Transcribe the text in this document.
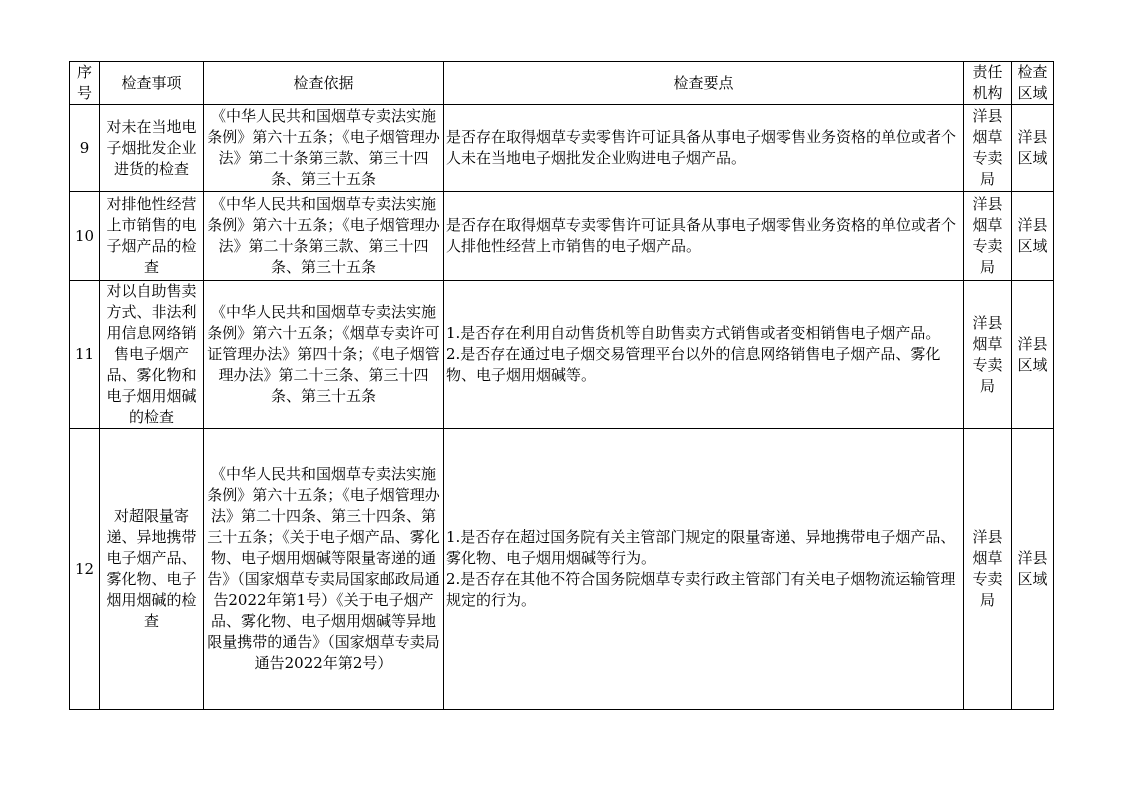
序号	检查事项	检查依据	检查要点	责任机构	检查区域
9	对未在当地电子烟批发企业进货的检查	《中华人民共和国烟草专卖法实施条例》第六十五条；《电子烟管理办法》第二十条第三款、第三十四条、第三十五条	是否存在取得烟草专卖零售许可证具备从事电子烟零售业务资格的单位或者个人未在当地电子烟批发企业购进电子烟产品。	洋县烟草专卖局	洋县区域
10	对排他性经营上市销售的电子烟产品的检查	《中华人民共和国烟草专卖法实施条例》第六十五条；《电子烟管理办法》第二十条第三款、第三十四条、第三十五条	是否存在取得烟草专卖零售许可证具备从事电子烟零售业务资格的单位或者个人排他性经营上市销售的电子烟产品。	洋县烟草专卖局	洋县区域
11	对以自助售卖方式、非法利用信息网络销售电子烟产品、雾化物和电子烟用烟碱的检查	《中华人民共和国烟草专卖法实施条例》第六十五条；《烟草专卖许可证管理办法》第四十条；《电子烟管理办法》第二十三条、第三十四条、第三十五条	1.是否存在利用自动售货机等自助售卖方式销售或者变相销售电子烟产品。
2.是否存在通过电子烟交易管理平台以外的信息网络销售电子烟产品、雾化物、电子烟用烟碱等。	洋县烟草专卖局	洋县区域
12	对超限量寄递、异地携带电子烟产品、雾化物、电子烟用烟碱的检查	《中华人民共和国烟草专卖法实施条例》第六十五条；《电子烟管理办法》第二十四条、第三十四条、第三十五条；《关于电子烟产品、雾化物、电子烟用烟碱等限量寄递的通告》（国家烟草专卖局国家邮政局通告2022年第1号）《关于电子烟产品、雾化物、电子烟用烟碱等异地限量携带的通告》（国家烟草专卖局通告2022年第2号）	1.是否存在超过国务院有关主管部门规定的限量寄递、异地携带电子烟产品、雾化物、电子烟用烟碱等行为。
2.是否存在其他不符合国务院烟草专卖行政主管部门有关电子烟物流运输管理规定的行为。	洋县烟草专卖局	洋县区域
